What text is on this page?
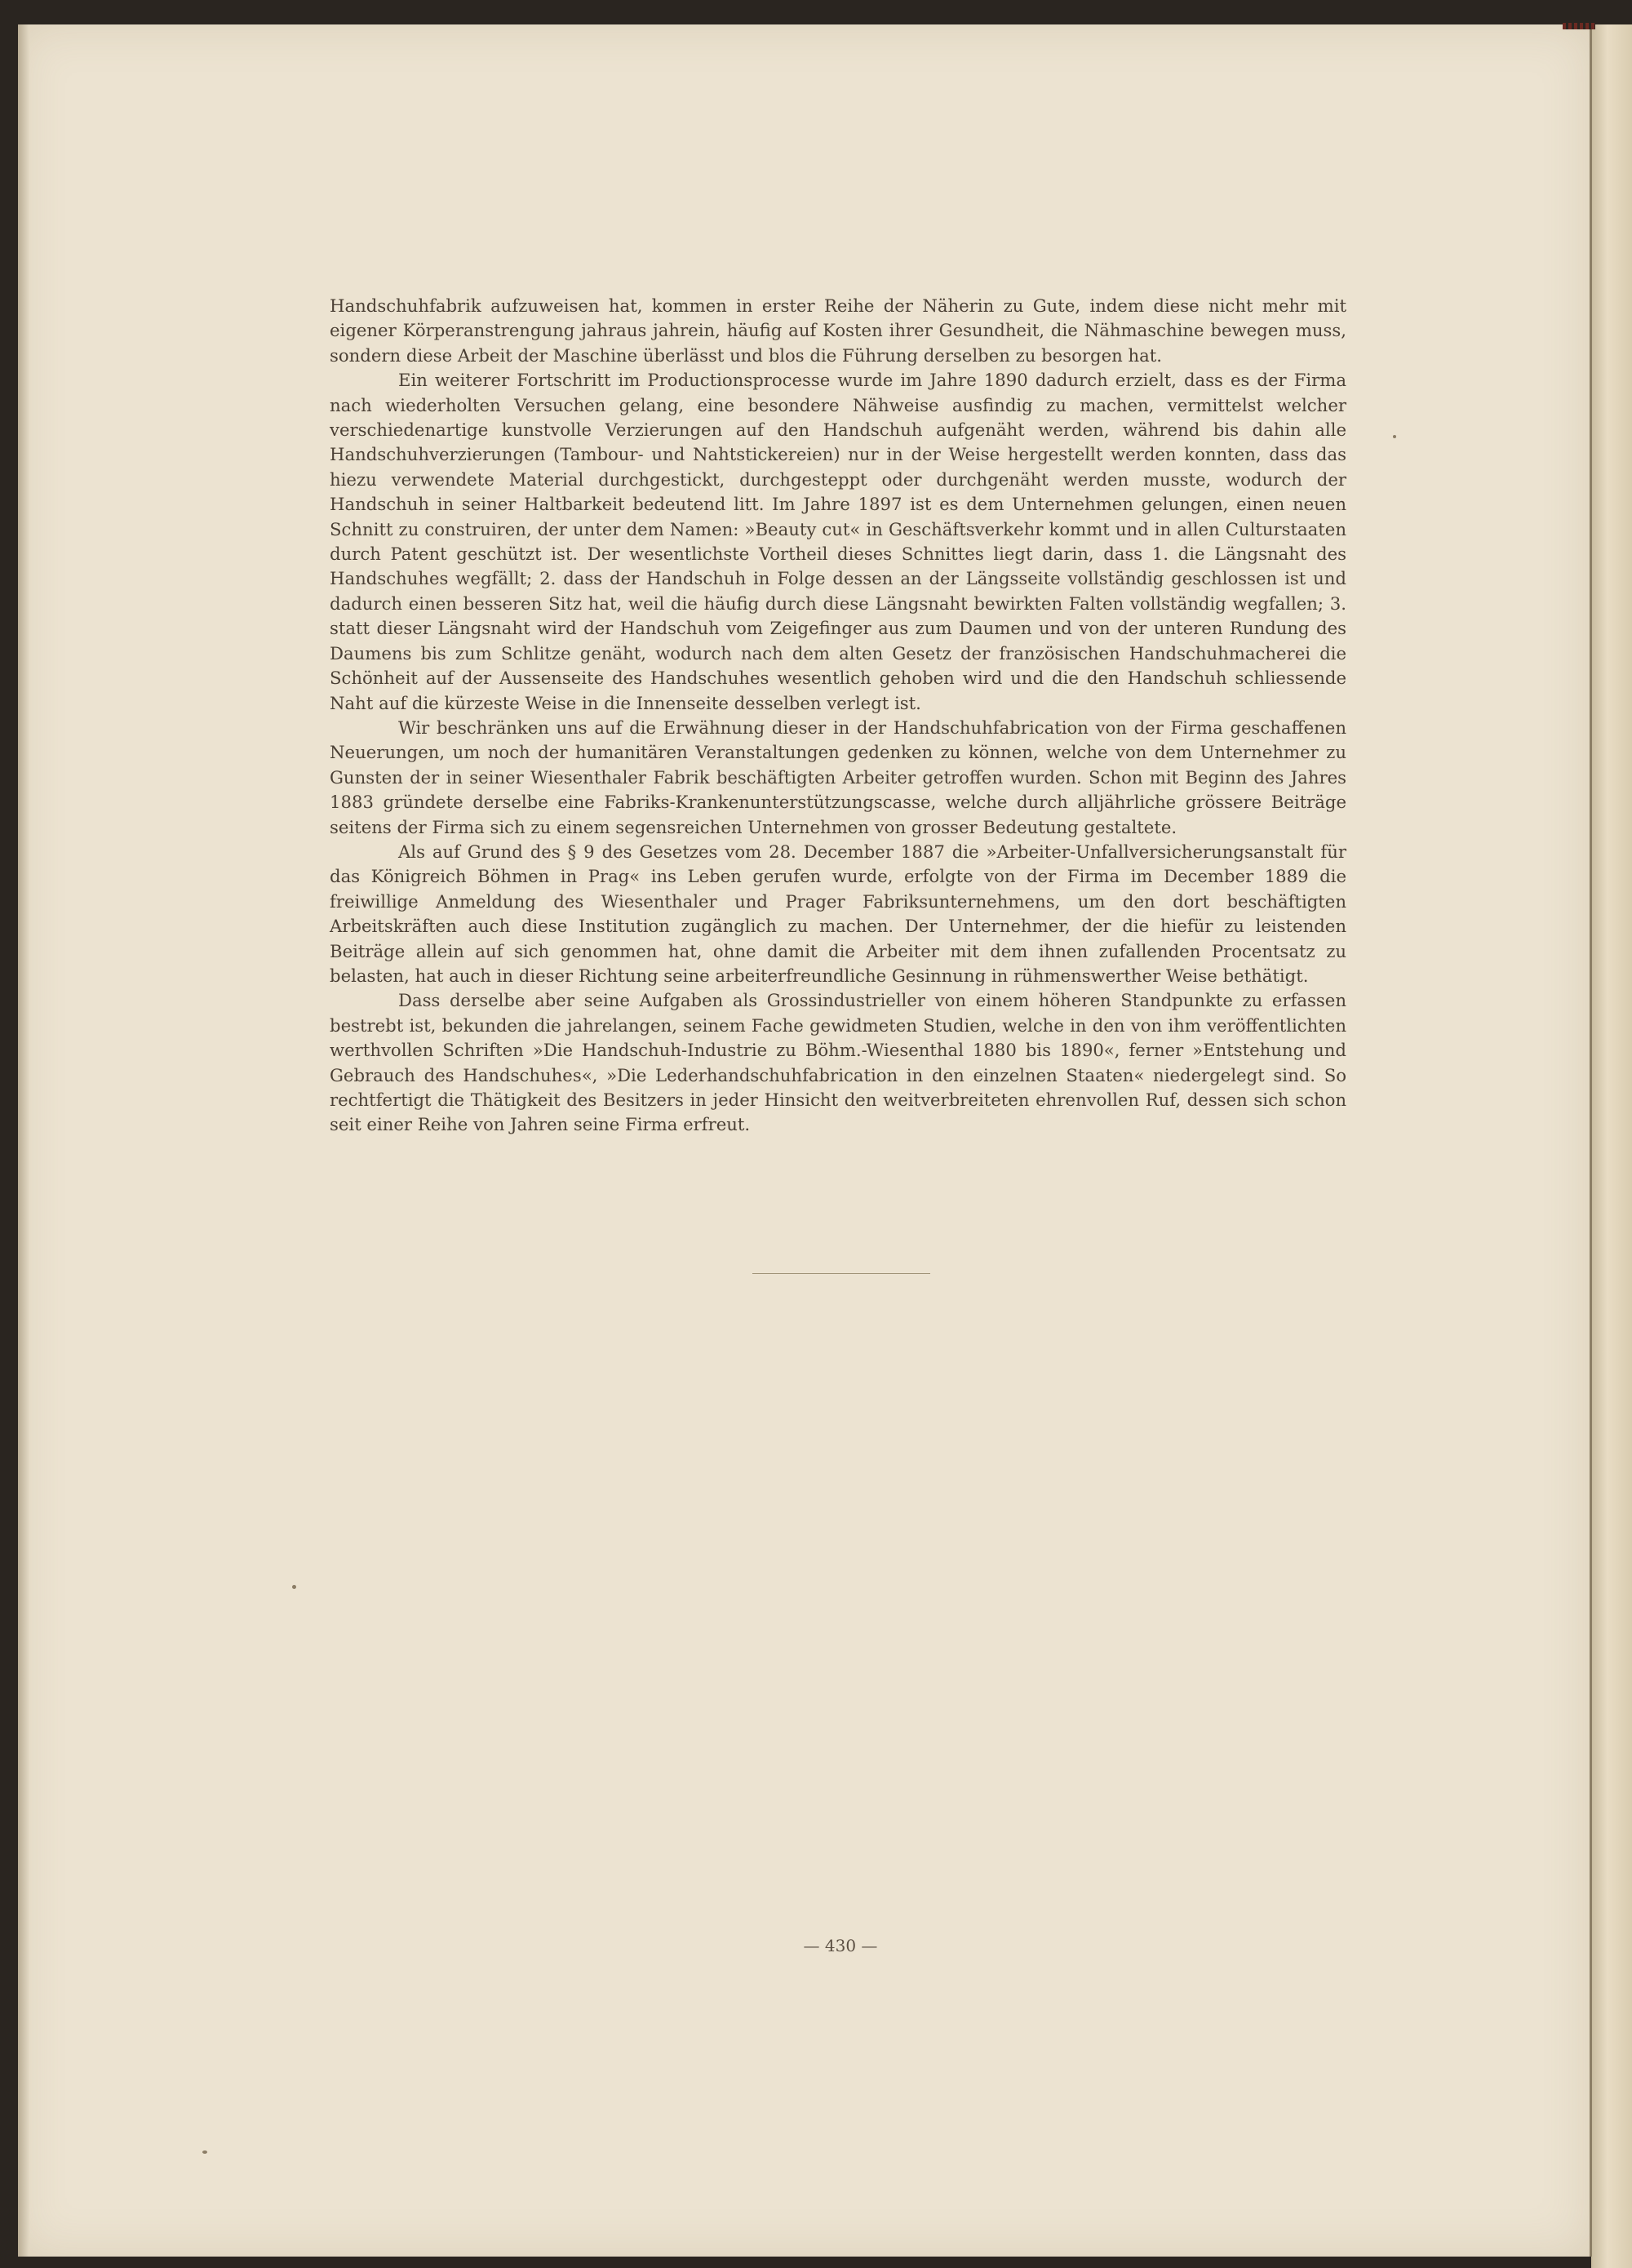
Handschuhfabrik aufzuweisen hat, kommen in erster Reihe der Näherin zu Gute, indem diese nicht mehr mit eigener Körperanstrengung jahraus jahrein, häufig auf Kosten ihrer Gesundheit, die Nähmaschine bewegen muss, sondern diese Arbeit der Maschine überlässt und blos die Führung derselben zu besorgen hat.

Ein weiterer Fortschritt im Productionsprocesse wurde im Jahre 1890 dadurch erzielt, dass es der Firma nach wiederholten Versuchen gelang, eine besondere Nähweise ausfindig zu machen, vermittelst welcher verschiedenartige kunstvolle Verzierungen auf den Handschuh aufgenäht werden, während bis dahin alle Handschuhverzierungen (Tambour- und Nahtstickereien) nur in der Weise hergestellt werden konnten, dass das hiezu verwendete Material durchgestickt, durchgesteppt oder durchgenäht werden musste, wodurch der Handschuh in seiner Haltbarkeit bedeutend litt. Im Jahre 1897 ist es dem Unternehmen gelungen, einen neuen Schnitt zu construiren, der unter dem Namen: »Beauty cut« in Geschäftsverkehr kommt und in allen Culturstaaten durch Patent geschützt ist. Der wesentlichste Vortheil dieses Schnittes liegt darin, dass 1. die Längsnaht des Handschuhes wegfällt; 2. dass der Handschuh in Folge dessen an der Längsseite vollständig geschlossen ist und dadurch einen besseren Sitz hat, weil die häufig durch diese Längsnaht bewirkten Falten vollständig wegfallen; 3. statt dieser Längsnaht wird der Handschuh vom Zeigefinger aus zum Daumen und von der unteren Rundung des Daumens bis zum Schlitze genäht, wodurch nach dem alten Gesetz der französischen Handschuhmacherei die Schönheit auf der Aussenseite des Handschuhes wesentlich gehoben wird und die den Handschuh schliessende Naht auf die kürzeste Weise in die Innenseite desselben verlegt ist.

Wir beschränken uns auf die Erwähnung dieser in der Handschuhfabrication von der Firma geschaffenen Neuerungen, um noch der humanitären Veranstaltungen gedenken zu können, welche von dem Unternehmer zu Gunsten der in seiner Wiesenthaler Fabrik beschäftigten Arbeiter getroffen wurden. Schon mit Beginn des Jahres 1883 gründete derselbe eine Fabriks-Krankenunterstützungscasse, welche durch alljährliche grössere Beiträge seitens der Firma sich zu einem segensreichen Unternehmen von grosser Bedeutung gestaltete.

Als auf Grund des § 9 des Gesetzes vom 28. December 1887 die »Arbeiter-Unfallversicherungsanstalt für das Königreich Böhmen in Prag« ins Leben gerufen wurde, erfolgte von der Firma im December 1889 die freiwillige Anmeldung des Wiesenthaler und Prager Fabriksunternehmens, um den dort beschäftigten Arbeitskräften auch diese Institution zugänglich zu machen. Der Unternehmer, der die hiefür zu leistenden Beiträge allein auf sich genommen hat, ohne damit die Arbeiter mit dem ihnen zufallenden Procentsatz zu belasten, hat auch in dieser Richtung seine arbeiterfreundliche Gesinnung in rühmenswerther Weise bethätigt.

Dass derselbe aber seine Aufgaben als Grossindustrieller von einem höheren Standpunkte zu erfassen bestrebt ist, bekunden die jahrelangen, seinem Fache gewidmeten Studien, welche in den von ihm veröffentlichten werthvollen Schriften »Die Handschuh-Industrie zu Böhm.-Wiesenthal 1880 bis 1890«, ferner »Entstehung und Gebrauch des Handschuhes«, »Die Lederhandschuhfabrication in den einzelnen Staaten« niedergelegt sind. So rechtfertigt die Thätigkeit des Besitzers in jeder Hinsicht den weitverbreiteten ehrenvollen Ruf, dessen sich schon seit einer Reihe von Jahren seine Firma erfreut.

— 430 —
